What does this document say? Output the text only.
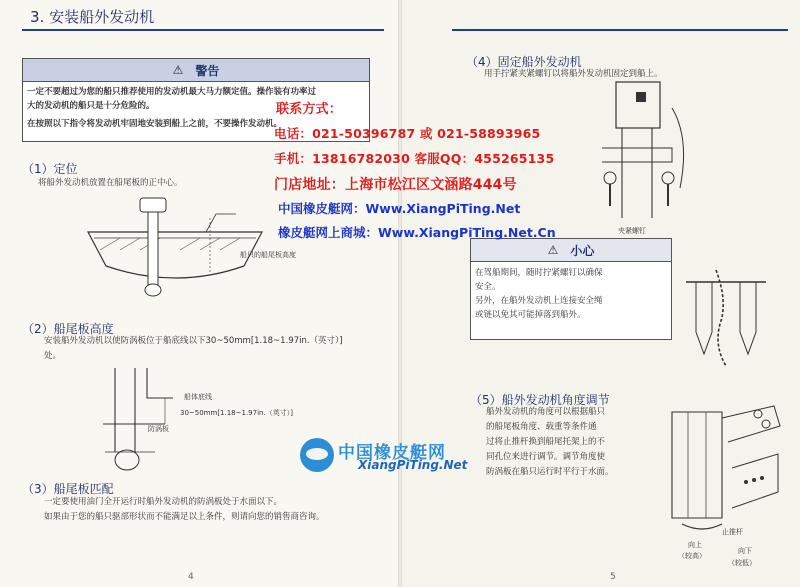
3. 安装船外发动机
⚠ 警告
一定不要超过为您的船只推荐使用的发动机最大马力额定值。操作装有功率过
大的发动机的船只是十分危险的。
在按照以下指令将发动机牢固地安装到船上之前，不要操作发动机。
（1）定位
将船外发动机放置在船尾板的正中心。
船只的船尾板高度
（2）船尾板高度
安装船外发动机以使防涡板位于船底线以下30~50mm[1.18~1.97in.（英寸）]
处。
船体底线
30~50mm[1.18~1.97in.（英寸）]
防涡板
（3）船尾板匹配
一定要使用油门全开运行时船外发动机的防涡板处于水面以下。
如果由于您的船只驱部形状而不能满足以上条件，则请向您的销售商咨询。
4
（4）固定船外发动机
用手拧紧夹紧螺钉以将船外发动机固定到船上。
夹紧螺钉
⚠ 小心
在驾船期间，随时拧紧螺钉以确保
安全。
另外，在船外发动机上连接安全绳
或链以免其可能掉落到船外。
（5）船外发动机角度调节
船外发动机的角度可以根据船只
的船尾板角度、载重等条件通
过将止推杆换到船尾托架上的不
同孔位来进行调节。调节角度使
防涡板在船只运行时平行于水面。
止推杆
向上
（较高）
向下
（较低）
5
联系方式：
电话：021-50396787 或 021-58893965
手机：13816782030 客服QQ：455265135
门店地址：上海市松江区文涵路444号
中国橡皮艇网：Www.XiangPiTing.Net
橡皮艇网上商城：Www.XiangPiTing.Net.Cn
中国橡皮艇网
XiangPiTing.Net
